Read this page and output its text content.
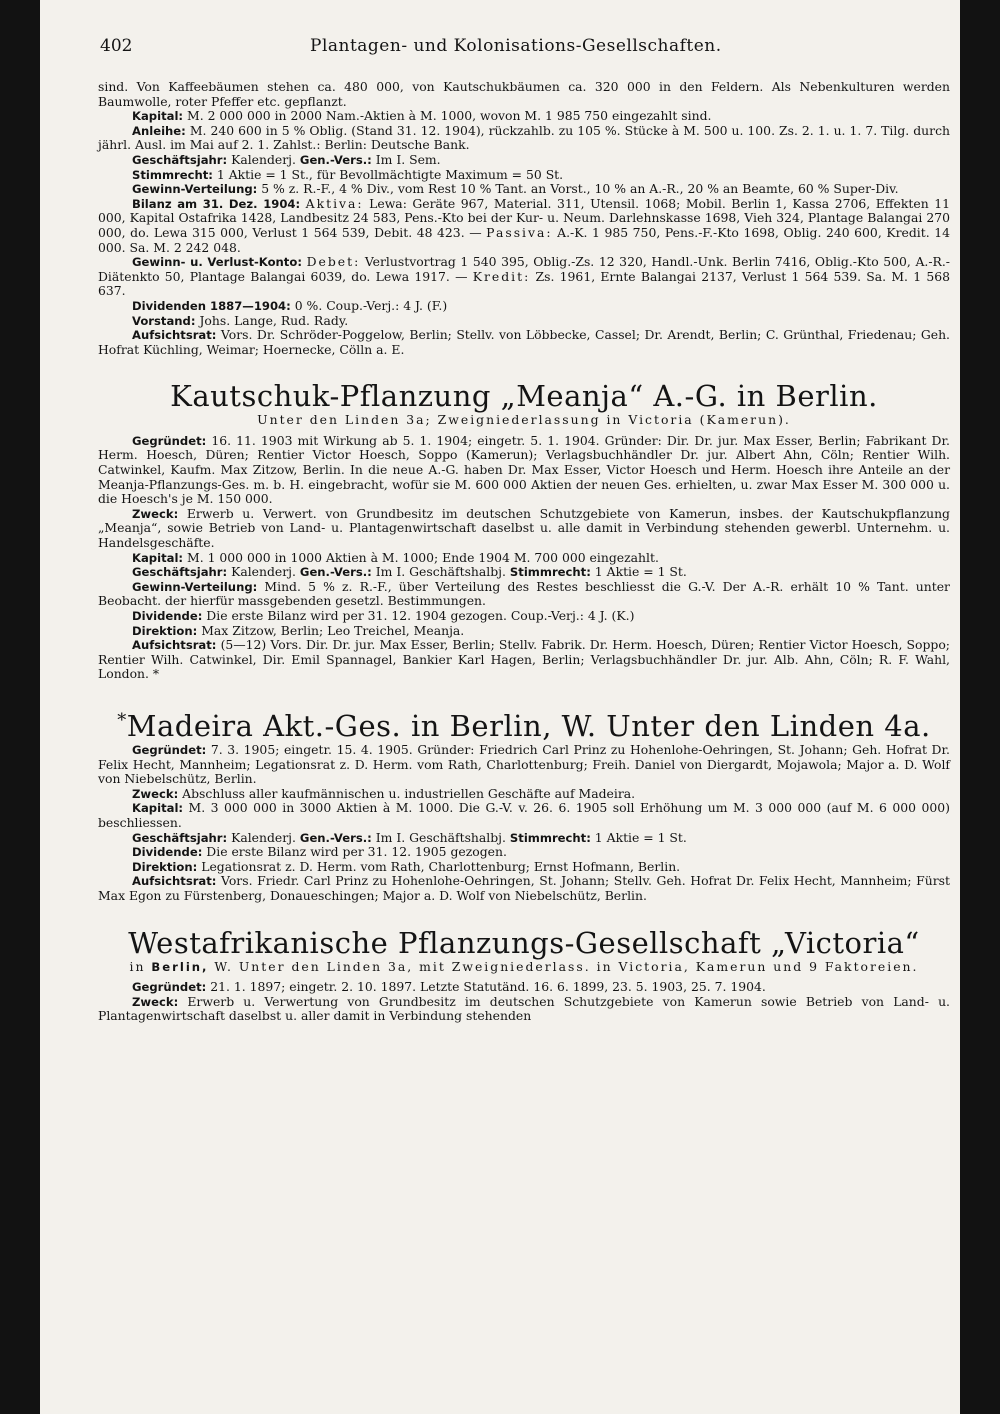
402	Plantagen- und Kolonisations-Gesellschaften.

sind. Von Kaffeebäumen stehen ca. 480 000, von Kautschukbäumen ca. 320 000 in den Feldern. Als Nebenkulturen werden Baumwolle, roter Pfeffer etc. gepflanzt.

Kapital: M. 2 000 000 in 2000 Nam.-Aktien à M. 1000, wovon M. 1 985 750 eingezahlt sind.

Anleihe: M. 240 600 in 5 % Oblig. (Stand 31. 12. 1904), rückzahlb. zu 105 %. Stücke à M. 500 u. 100. Zs. 2. 1. u. 1. 7. Tilg. durch jährl. Ausl. im Mai auf 2. 1. Zahlst.: Berlin: Deutsche Bank.

Geschäftsjahr: Kalenderj. Gen.-Vers.: Im I. Sem.

Stimmrecht: 1 Aktie = 1 St., für Bevollmächtigte Maximum = 50 St.

Gewinn-Verteilung: 5 % z. R.-F., 4 % Div., vom Rest 10 % Tant. an Vorst., 10 % an A.-R., 20 % an Beamte, 60 % Super-Div.

Bilanz am 31. Dez. 1904: Aktiva: Lewa: Geräte 967, Material. 311, Utensil. 1068; Mobil. Berlin 1, Kassa 2706, Effekten 11 000, Kapital Ostafrika 1428, Landbesitz 24 583, Pens.-Kto bei der Kur- u. Neum. Darlehnskasse 1698, Vieh 324, Plantage Balangai 270 000, do. Lewa 315 000, Verlust 1 564 539, Debit. 48 423. — Passiva: A.-K. 1 985 750, Pens.-F.-Kto 1698, Oblig. 240 600, Kredit. 14 000. Sa. M. 2 242 048.

Gewinn- u. Verlust-Konto: Debet: Verlustvortrag 1 540 395, Oblig.-Zs. 12 320, Handl.-Unk. Berlin 7416, Oblig.-Kto 500, A.-R.-Diätenkto 50, Plantage Balangai 6039, do. Lewa 1917. — Kredit: Zs. 1961, Ernte Balangai 2137, Verlust 1 564 539. Sa. M. 1 568 637.

Dividenden 1887—1904: 0 %. Coup.-Verj.: 4 J. (F.)

Vorstand: Johs. Lange, Rud. Rady.

Aufsichtsrat: Vors. Dr. Schröder-Poggelow, Berlin; Stellv. von Löbbecke, Cassel; Dr. Arendt, Berlin; C. Grünthal, Friedenau; Geh. Hofrat Küchling, Weimar; Hoernecke, Cölln a. E.

Kautschuk-Pflanzung „Meanja“ A.-G. in Berlin.

Unter den Linden 3a; Zweigniederlassung in Victoria (Kamerun).

Gegründet: 16. 11. 1903 mit Wirkung ab 5. 1. 1904; eingetr. 5. 1. 1904. Gründer: Dir. Dr. jur. Max Esser, Berlin; Fabrikant Dr. Herm. Hoesch, Düren; Rentier Victor Hoesch, Soppo (Kamerun); Verlagsbuchhändler Dr. jur. Albert Ahn, Cöln; Rentier Wilh. Catwinkel, Kaufm. Max Zitzow, Berlin. In die neue A.-G. haben Dr. Max Esser, Victor Hoesch und Herm. Hoesch ihre Anteile an der Meanja-Pflanzungs-Ges. m. b. H. eingebracht, wofür sie M. 600 000 Aktien der neuen Ges. erhielten, u. zwar Max Esser M. 300 000 u. die Hoesch's je M. 150 000.

Zweck: Erwerb u. Verwert. von Grundbesitz im deutschen Schutzgebiete von Kamerun, insbes. der Kautschukpflanzung „Meanja“, sowie Betrieb von Land- u. Plantagenwirtschaft daselbst u. alle damit in Verbindung stehenden gewerbl. Unternehm. u. Handelsgeschäfte.

Kapital: M. 1 000 000 in 1000 Aktien à M. 1000; Ende 1904 M. 700 000 eingezahlt.

Geschäftsjahr: Kalenderj. Gen.-Vers.: Im I. Geschäftshalbj. Stimmrecht: 1 Aktie = 1 St.

Gewinn-Verteilung: Mind. 5 % z. R.-F., über Verteilung des Restes beschliesst die G.-V. Der A.-R. erhält 10 % Tant. unter Beobacht. der hierfür massgebenden gesetzl. Bestimmungen.

Dividende: Die erste Bilanz wird per 31. 12. 1904 gezogen. Coup.-Verj.: 4 J. (K.)

Direktion: Max Zitzow, Berlin; Leo Treichel, Meanja.

Aufsichtsrat: (5—12) Vors. Dir. Dr. jur. Max Esser, Berlin; Stellv. Fabrik. Dr. Herm. Hoesch, Düren; Rentier Victor Hoesch, Soppo; Rentier Wilh. Catwinkel, Dir. Emil Spannagel, Bankier Karl Hagen, Berlin; Verlagsbuchhändler Dr. jur. Alb. Ahn, Cöln; R. F. Wahl, London. *

*Madeira Akt.-Ges. in Berlin, W. Unter den Linden 4a.

Gegründet: 7. 3. 1905; eingetr. 15. 4. 1905. Gründer: Friedrich Carl Prinz zu Hohenlohe-Oehringen, St. Johann; Geh. Hofrat Dr. Felix Hecht, Mannheim; Legationsrat z. D. Herm. vom Rath, Charlottenburg; Freih. Daniel von Diergardt, Mojawola; Major a. D. Wolf von Niebelschütz, Berlin.

Zweck: Abschluss aller kaufmännischen u. industriellen Geschäfte auf Madeira.

Kapital: M. 3 000 000 in 3000 Aktien à M. 1000. Die G.-V. v. 26. 6. 1905 soll Erhöhung um M. 3 000 000 (auf M. 6 000 000) beschliessen.

Geschäftsjahr: Kalenderj. Gen.-Vers.: Im I. Geschäftshalbj. Stimmrecht: 1 Aktie = 1 St.

Dividende: Die erste Bilanz wird per 31. 12. 1905 gezogen.

Direktion: Legationsrat z. D. Herm. vom Rath, Charlottenburg; Ernst Hofmann, Berlin.

Aufsichtsrat: Vors. Friedr. Carl Prinz zu Hohenlohe-Oehringen, St. Johann; Stellv. Geh. Hofrat Dr. Felix Hecht, Mannheim; Fürst Max Egon zu Fürstenberg, Donaueschingen; Major a. D. Wolf von Niebelschütz, Berlin.

Westafrikanische Pflanzungs-Gesellschaft „Victoria“

in Berlin, W. Unter den Linden 3a, mit Zweigniederlass. in Victoria, Kamerun und 9 Faktoreien.

Gegründet: 21. 1. 1897; eingetr. 2. 10. 1897. Letzte Statutänd. 16. 6. 1899, 23. 5. 1903, 25. 7. 1904.

Zweck: Erwerb u. Verwertung von Grundbesitz im deutschen Schutzgebiete von Kamerun sowie Betrieb von Land- u. Plantagenwirtschaft daselbst u. aller damit in Verbindung stehenden
